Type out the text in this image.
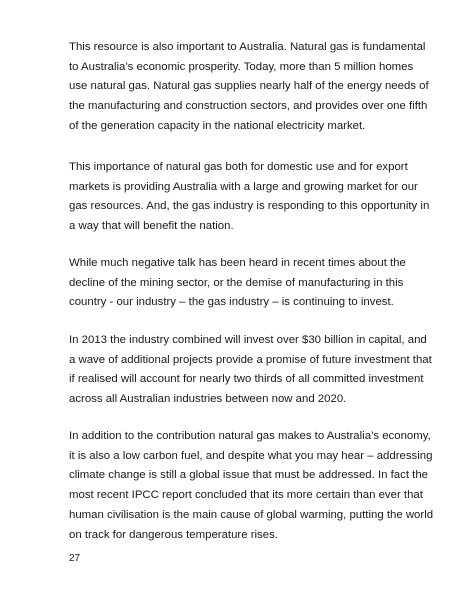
This resource is also important to Australia. Natural gas is fundamental
to Australia’s economic prosperity. Today, more than 5 million homes
use natural gas. Natural gas supplies nearly half of the energy needs of
the manufacturing and construction sectors, and provides over one fifth
of the generation capacity in the national electricity market.

This importance of natural gas both for domestic use and for export
markets is providing Australia with a large and growing market for our
gas resources. And, the gas industry is responding to this opportunity in
a way that will benefit the nation.

While much negative talk has been heard in recent times about the
decline of the mining sector, or the demise of manufacturing in this
country - our industry – the gas industry – is continuing to invest.

In 2013 the industry combined will invest over $30 billion in capital, and
a wave of additional projects provide a promise of future investment that
if realised will account for nearly two thirds of all committed investment
across all Australian industries between now and 2020.

In addition to the contribution natural gas makes to Australia’s economy,
it is also a low carbon fuel, and despite what you may hear – addressing
climate change is still a global issue that must be addressed. In fact the
most recent IPCC report concluded that its more certain than ever that
human civilisation is the main cause of global warming, putting the world
on track for dangerous temperature rises.

27
